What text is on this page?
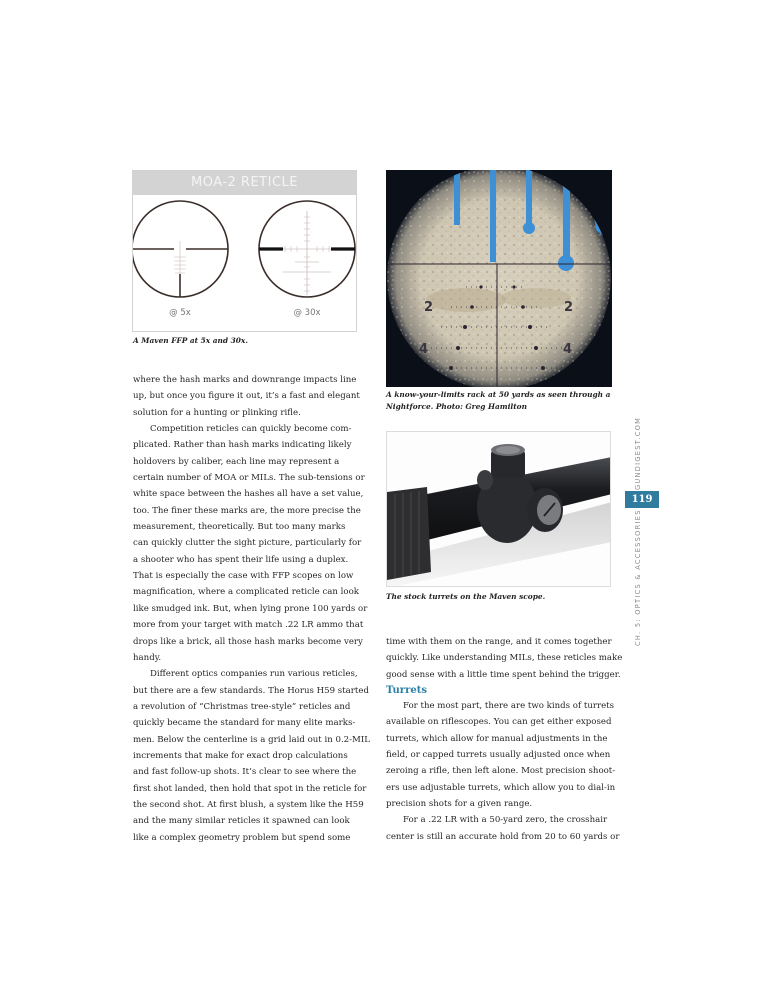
MOA-2 RETICLE
@ 5x	@ 30x
A Maven FFP at 5x and 30x.
2	2
4	4
A know-your-limits rack at 50 yards as seen through a
Nightforce. Photo: Greg Hamilton
The stock turrets on the Maven scope.

where the hash marks and downrange impacts line
up, but once you figure it out, it’s a fast and elegant
solution for a hunting or plinking rifle.

Competition reticles can quickly become com-
plicated. Rather than hash marks indicating likely
holdovers by caliber, each line may represent a
certain number of MOA or MILs. The sub-tensions or
white space between the hashes all have a set value,
too. The finer these marks are, the more precise the
measurement, theoretically. But too many marks
can quickly clutter the sight picture, particularly for
a shooter who has spent their life using a duplex.
That is especially the case with FFP scopes on low
magnification, where a complicated reticle can look
like smudged ink. But, when lying prone 100 yards or
more from your target with match .22 LR ammo that
drops like a brick, all those hash marks become very
handy.

Different optics companies run various reticles,
but there are a few standards. The Horus H59 started
a revolution of “Christmas tree-style” reticles and
quickly became the standard for many elite marks-
men. Below the centerline is a grid laid out in 0.2-MIL
increments that make for exact drop calculations
and fast follow-up shots. It’s clear to see where the
first shot landed, then hold that spot in the reticle for
the second shot. At first blush, a system like the H59
and the many similar reticles it spawned can look
like a complex geometry problem but spend some

time with them on the range, and it comes together
quickly. Like understanding MILs, these reticles make
good sense with a little time spent behind the trigger.

Turrets

For the most part, there are two kinds of turrets
available on riflescopes. You can get either exposed
turrets, which allow for manual adjustments in the
field, or capped turrets usually adjusted once when
zeroing a rifle, then left alone. Most precision shoot-
ers use adjustable turrets, which allow you to dial-in
precision shots for a given range.

For a .22 LR with a 50-yard zero, the crosshair
center is still an accurate hold from 20 to 60 yards or

GUNDIGEST.COM
119
CH. 5: OPTICS & ACCESSORIES
